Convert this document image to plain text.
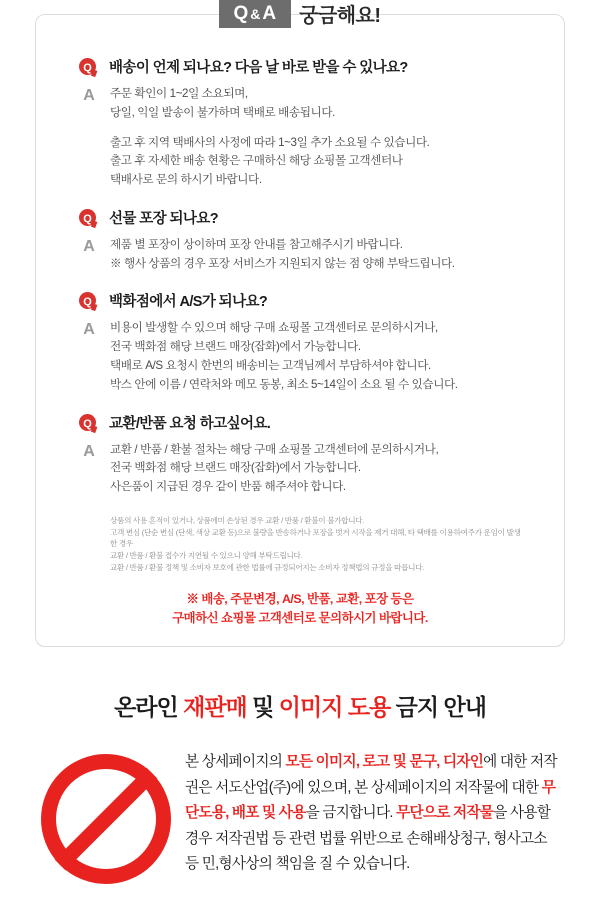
Q & A 궁금해요!
Q 배송이 언제 되나요? 다음 날 바로 받을 수 있나요?
A	주문 확인이 1~2일 소요되며,
당일, 익일 발송이 불가하며 택배로 배송됩니다.
출고 후 지역 택배사의 사정에 따라 1~3일 추가 소요될 수 있습니다.
출고 후 자세한 배송 현황은 구매하신 해당 쇼핑몰 고객센터나
택배사로 문의 하시기 바랍니다.
Q 선물 포장 되나요?
A	제품 별 포장이 상이하며 포장 안내를 참고해주시기 바랍니다.
※ 행사 상품의 경우 포장 서비스가 지원되지 않는 점 양해 부탁드립니다.
Q 백화점에서 A/S가 되나요?
A	비용이 발생할 수 있으며 해당 구매 쇼핑몰 고객센터로 문의하시거나,
전국 백화점 해당 브랜드 매장(잡화)에서 가능합니다.
택배로 A/S 요청시 한번의 배송비는 고객님께서 부담하셔야 합니다.
박스 안에 이름 / 연락처와 메모 동봉, 최소 5~14일이 소요 될 수 있습니다.
Q 교환/반품 요청 하고싶어요.
A	교환 / 반품 / 환불 절차는 해당 구매 쇼핑몰 고객센터에 문의하시거나,
전국 백화점 해당 브랜드 매장(잡화)에서 가능합니다.
사은품이 지급된 경우 같이 반품 해주셔야 합니다.
상품의 사용 흔적이 있거나, 상품에미 손상된 경우 교환 / 반품 / 환불이 불가합니다.
고객 변심 (단순 변심 (단색, 색상 교환 등)으로 불량을 반송하거나 포장을 벗겨 시작을 제거 대해, 타 택배를 이용하여주가 운임이 발생한 경우
교환 / 반품 / 환불 접수가 지연될 수 있으니 양해 부탁드립니다.
교환 / 반품 / 환불 정책 및 소비자 보호에 관한 법률에 규정되어지는 소비자 정책법의 규정을 따릅니다.
※ 배송, 주문변경, A/S, 반품, 교환, 포장 등은
구매하신 쇼핑몰 고객센터로 문의하시기 바랍니다.
온라인 재판매 및 이미지 도용 금지 안내
본 상세페이지의 모든 이미지, 로고 및 문구, 디자인에 대한 저작권은 서도산업(주)에 있으며, 본 상세페이지의 저작물에 대한 무단도용, 배포 및 사용을 금지합니다. 무단으로 저작물을 사용할 경우 저작권법 등 관련 법률 위반으로 손해배상청구, 형사고소 등 민,형사상의 책임을 질 수 있습니다.
